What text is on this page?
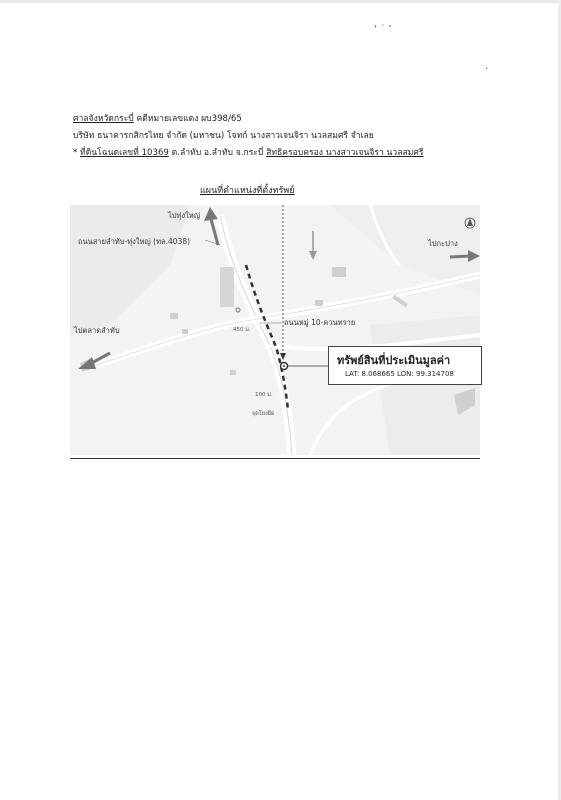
‘ ˙ ’
·
ศาลจังหวัดกระบี่ คดีหมายเลขแดง ผบ398/65
บริษัท ธนาคารกสิกรไทย จำกัด (มหาชน) โจทก์ นางสาวเจนจิรา นวลสมศรี จำเลย
* ที่ดินโฉนดเลขที่ 10369 ต.ลำทับ อ.ลำทับ จ.กระบี่ สิทธิครอบครอง นางสาวเจนจิรา นวลสมศรี
แผนที่ตำแหน่งที่ตั้งทรัพย์
ไปทุ่งใหญ่
ถนนสายลำทับ-ทุ่งใหญ่ (ทล.4038)	ไปกะปาง
ไปตลาดลำทับ
ถนนหมู่ 10-ควนทราย
450 ม.
100 ม.
จุดโยงยึด
ทรัพย์สินที่ประเมินมูลค่า
LAT: 8.068665 LON: 99.314708
